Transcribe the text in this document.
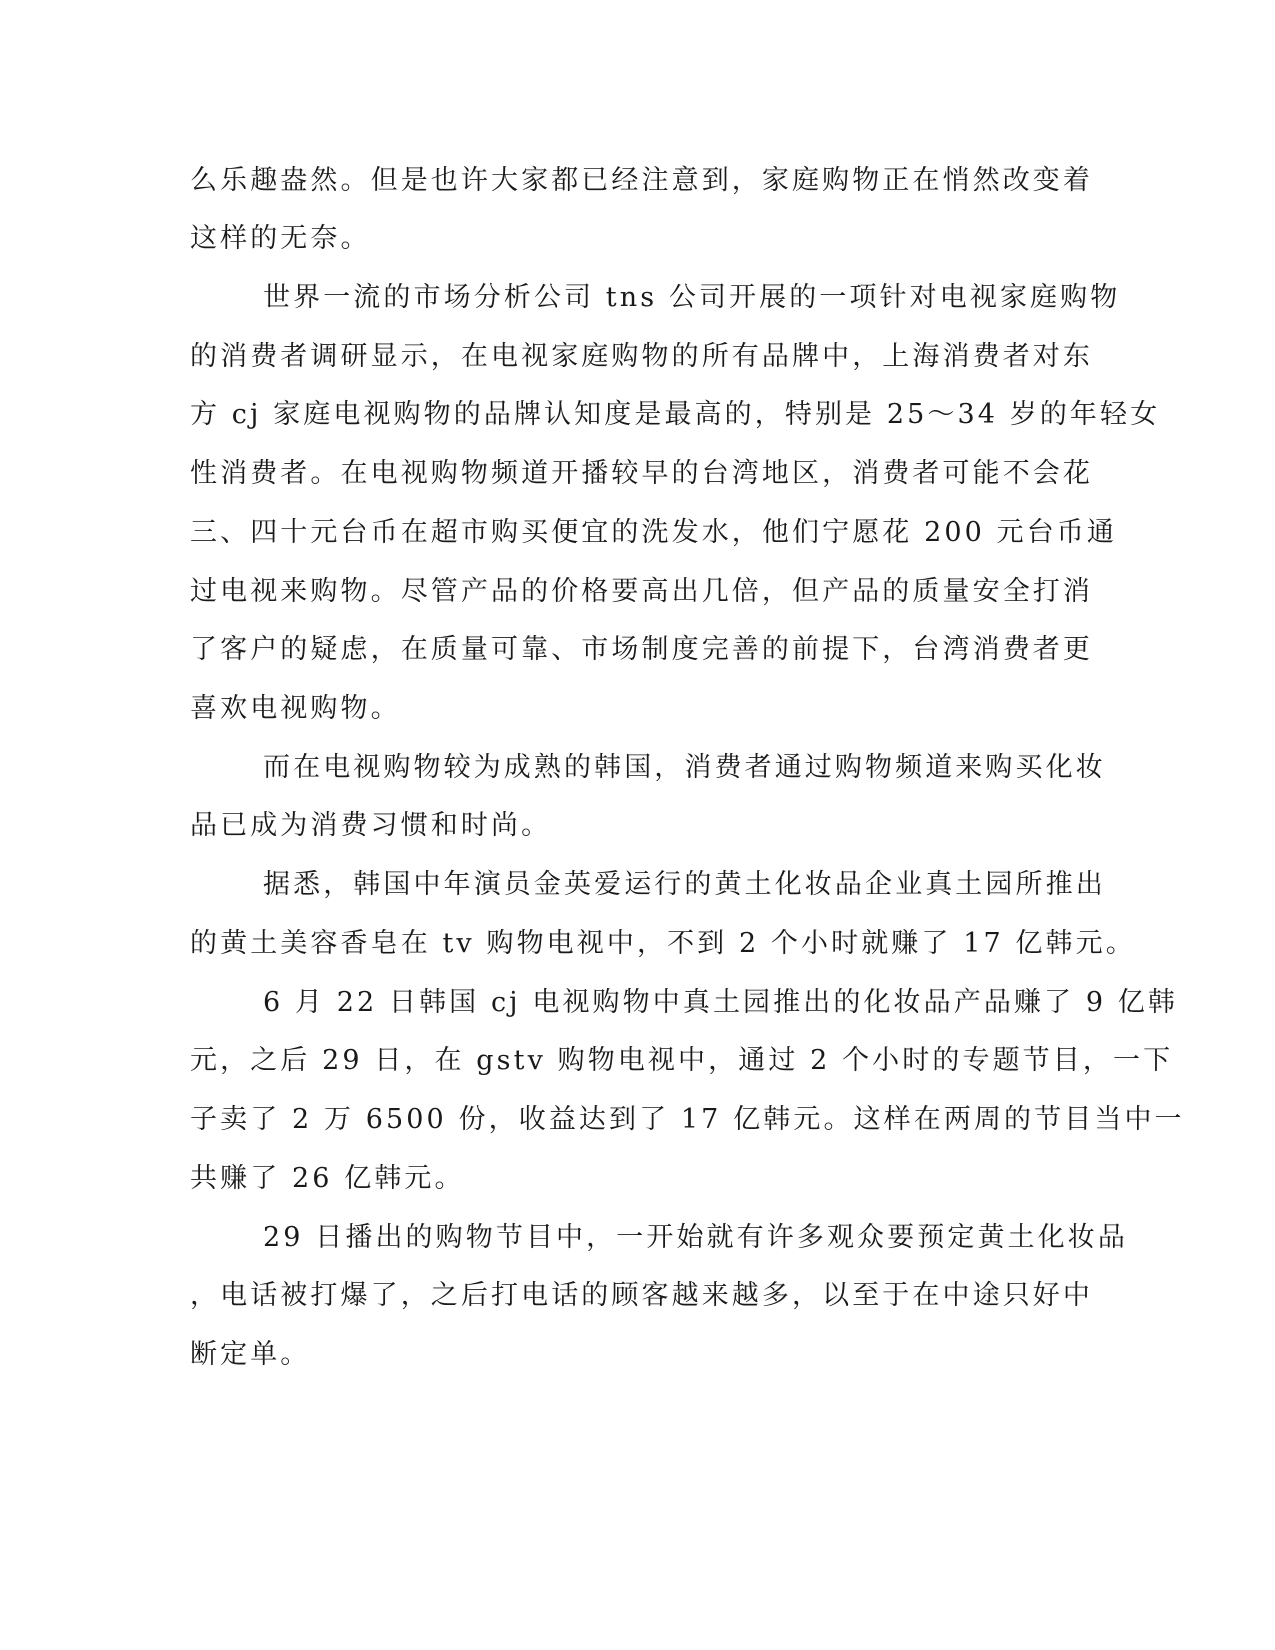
么乐趣盎然。但是也许大家都已经注意到，家庭购物正在悄然改变着
这样的无奈。
世界一流的市场分析公司 tns 公司开展的一项针对电视家庭购物
的消费者调研显示，在电视家庭购物的所有品牌中，上海消费者对东
方 cj 家庭电视购物的品牌认知度是最高的，特别是 25～34 岁的年轻女
性消费者。在电视购物频道开播较早的台湾地区，消费者可能不会花
三、四十元台币在超市购买便宜的洗发水，他们宁愿花 200 元台币通
过电视来购物。尽管产品的价格要高出几倍，但产品的质量安全打消
了客户的疑虑，在质量可靠、市场制度完善的前提下，台湾消费者更
喜欢电视购物。
而在电视购物较为成熟的韩国，消费者通过购物频道来购买化妆
品已成为消费习惯和时尚。
据悉，韩国中年演员金英爱运行的黄土化妆品企业真土园所推出
的黄土美容香皂在 tv 购物电视中，不到 2 个小时就赚了 17 亿韩元。
6 月 22 日韩国 cj 电视购物中真土园推出的化妆品产品赚了 9 亿韩
元，之后 29 日，在 gstv 购物电视中，通过 2 个小时的专题节目，一下
子卖了 2 万 6500 份，收益达到了 17 亿韩元。这样在两周的节目当中一
共赚了 26 亿韩元。
29 日播出的购物节目中，一开始就有许多观众要预定黄土化妆品
，电话被打爆了，之后打电话的顾客越来越多，以至于在中途只好中
断定单。
